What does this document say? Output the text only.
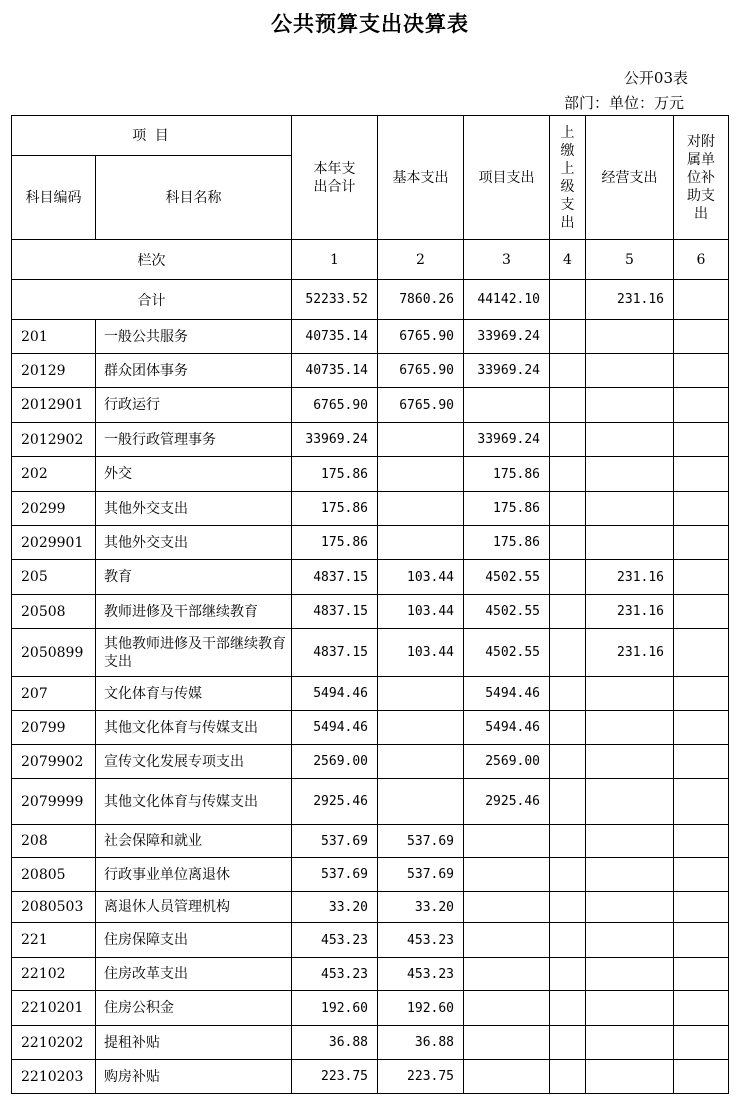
公共预算支出决算表
公开03表
部门：单位：万元
项 目		本年支出合计	基本支出	项目支出	上缴上级支出	经营支出	对附属单位补助支出

科目编码	科目名称						
栏次		1	2	3	4	5	6
合计		52233.52	7860.26	44142.10		231.16	
201	一般公共服务	40735.14	6765.90	33969.24			
20129	群众团体事务	40735.14	6765.90	33969.24			
2012901	行政运行	6765.90	6765.90				
2012902	一般行政管理事务	33969.24		33969.24			
202	外交	175.86		175.86			
20299	其他外交支出	175.86		175.86			
2029901	其他外交支出	175.86		175.86			
205	教育	4837.15	103.44	4502.55		231.16	
20508	教师进修及干部继续教育	4837.15	103.44	4502.55		231.16	
2050899	其他教师进修及干部继续教育支出	4837.15	103.44	4502.55		231.16	
207	文化体育与传媒	5494.46		5494.46			
20799	其他文化体育与传媒支出	5494.46		5494.46			
2079902	宣传文化发展专项支出	2569.00		2569.00			
2079999	其他文化体育与传媒支出	2925.46		2925.46			
208	社会保障和就业	537.69	537.69				
20805	行政事业单位离退休	537.69	537.69				
2080503	离退休人员管理机构	33.20	33.20				
221	住房保障支出	453.23	453.23				
22102	住房改革支出	453.23	453.23				
2210201	住房公积金	192.60	192.60				
2210202	提租补贴	36.88	36.88				
2210203	购房补贴	223.75	223.75				
